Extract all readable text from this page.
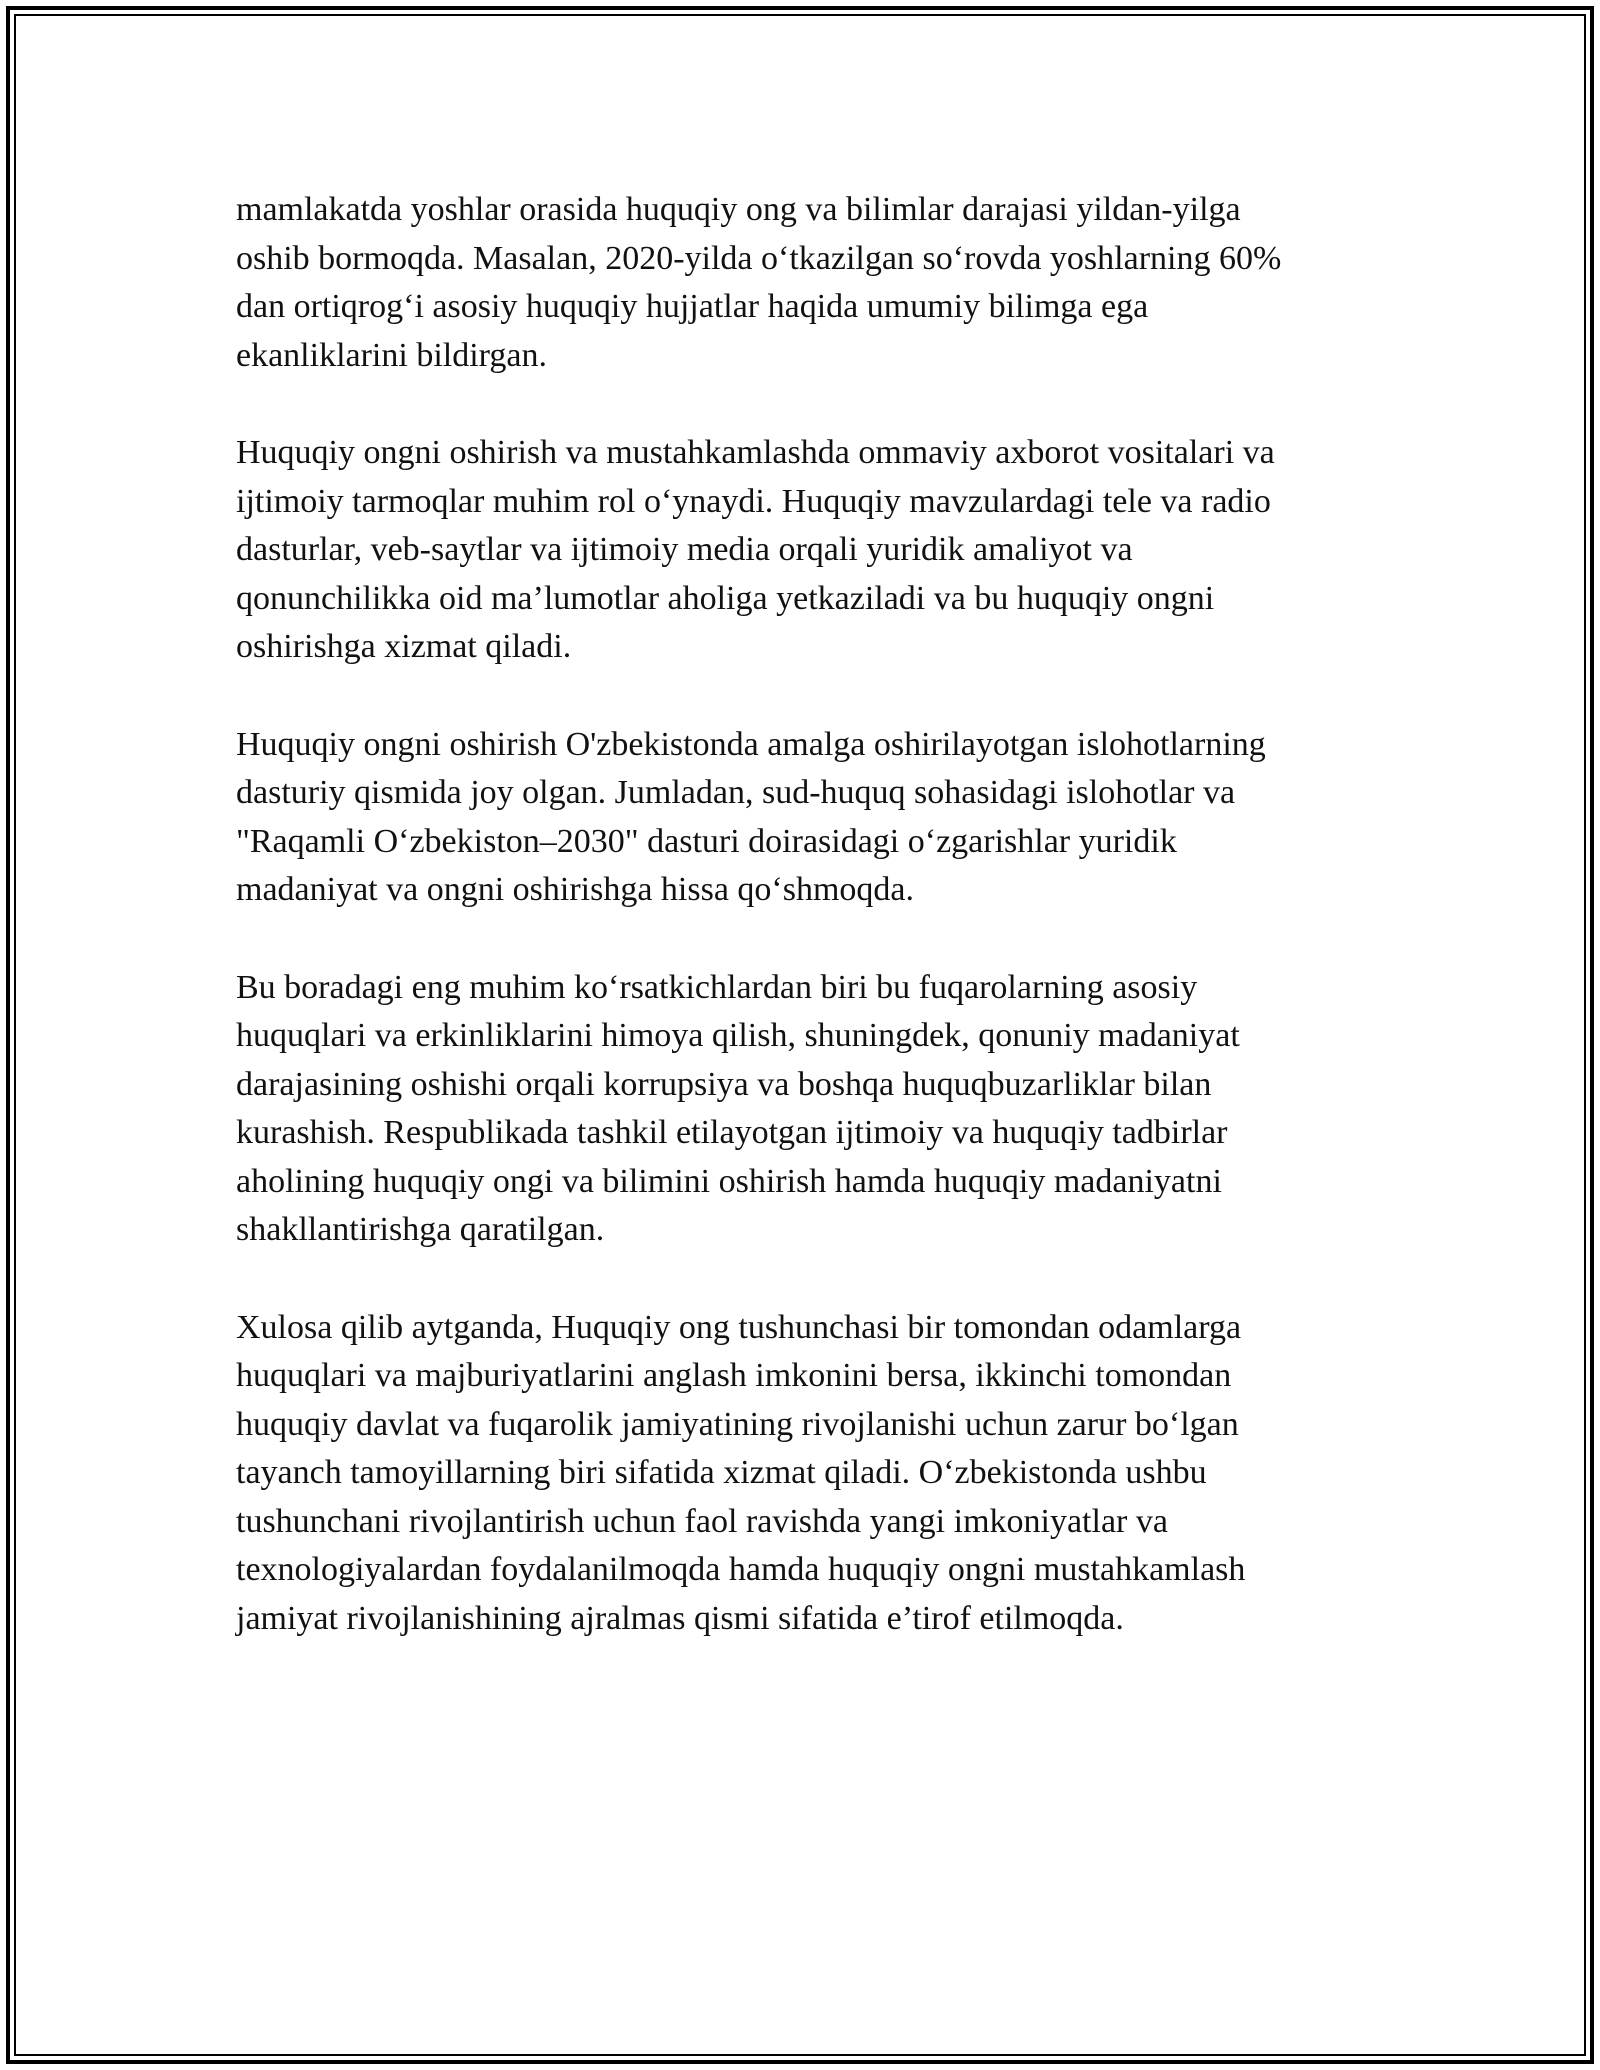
mamlakatda yoshlar orasida huquqiy ong va bilimlar darajasi yildan-yilga
oshib bormoqda. Masalan, 2020-yilda o‘tkazilgan so‘rovda yoshlarning 60%
dan ortiqrog‘i asosiy huquqiy hujjatlar haqida umumiy bilimga ega
ekanliklarini bildirgan.

Huquqiy ongni oshirish va mustahkamlashda ommaviy axborot vositalari va
ijtimoiy tarmoqlar muhim rol o‘ynaydi. Huquqiy mavzulardagi tele va radio
dasturlar, veb-saytlar va ijtimoiy media orqali yuridik amaliyot va
qonunchilikka oid ma’lumotlar aholiga yetkaziladi va bu huquqiy ongni
oshirishga xizmat qiladi.

Huquqiy ongni oshirish O'zbekistonda amalga oshirilayotgan islohotlarning
dasturiy qismida joy olgan. Jumladan, sud-huquq sohasidagi islohotlar va
"Raqamli O‘zbekiston–2030" dasturi doirasidagi o‘zgarishlar yuridik
madaniyat va ongni oshirishga hissa qo‘shmoqda.

Bu boradagi eng muhim ko‘rsatkichlardan biri bu fuqarolarning asosiy
huquqlari va erkinliklarini himoya qilish, shuningdek, qonuniy madaniyat
darajasining oshishi orqali korrupsiya va boshqa huquqbuzarliklar bilan
kurashish. Respublikada tashkil etilayotgan ijtimoiy va huquqiy tadbirlar
aholining huquqiy ongi va bilimini oshirish hamda huquqiy madaniyatni
shakllantirishga qaratilgan.

Xulosa qilib aytganda, Huquqiy ong tushunchasi bir tomondan odamlarga
huquqlari va majburiyatlarini anglash imkonini bersa, ikkinchi tomondan
huquqiy davlat va fuqarolik jamiyatining rivojlanishi uchun zarur bo‘lgan
tayanch tamoyillarning biri sifatida xizmat qiladi. O‘zbekistonda ushbu
tushunchani rivojlantirish uchun faol ravishda yangi imkoniyatlar va
texnologiyalardan foydalanilmoqda hamda huquqiy ongni mustahkamlash
jamiyat rivojlanishining ajralmas qismi sifatida e’tirof etilmoqda.
